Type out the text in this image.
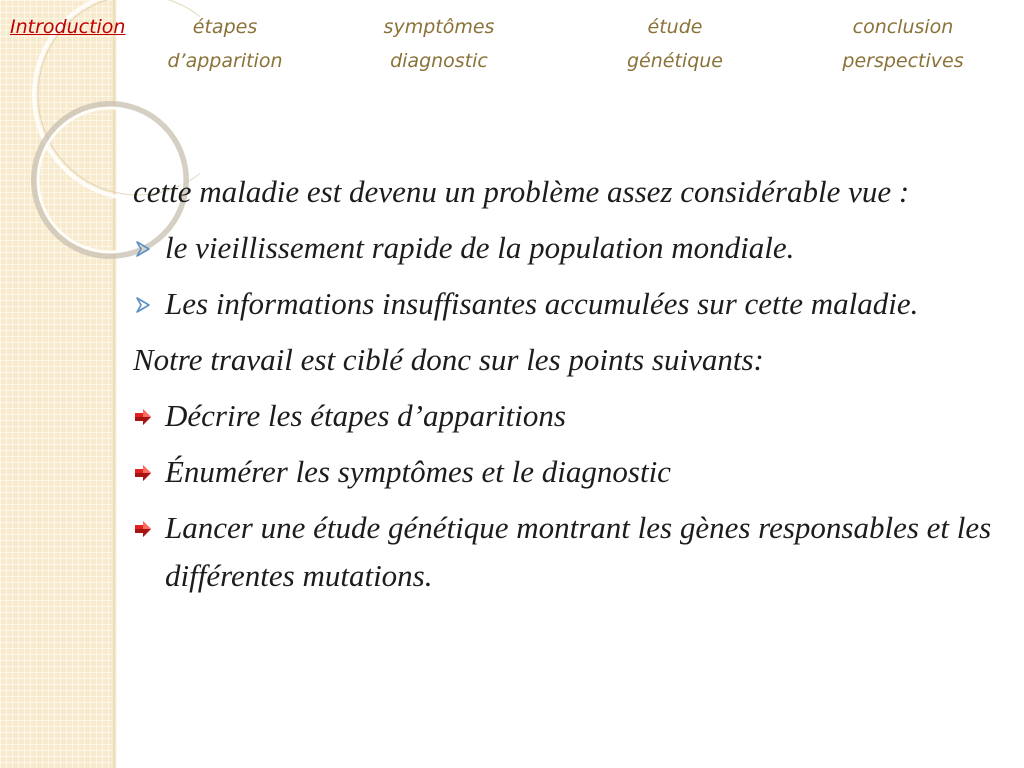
Introduction	étapes
d’apparition
symptômes
diagnostic
étude
génétique
conclusion
perspectives

cette maladie est devenu un problème assez considérable vue :

le vieillissement rapide de la population mondiale.
Les informations insuffisantes accumulées sur cette maladie.

Notre travail est ciblé donc sur les points suivants:

Décrire les étapes d’apparitions
Énumérer les symptômes et le diagnostic
Lancer une étude génétique montrant les gènes responsables et les différentes mutations.
